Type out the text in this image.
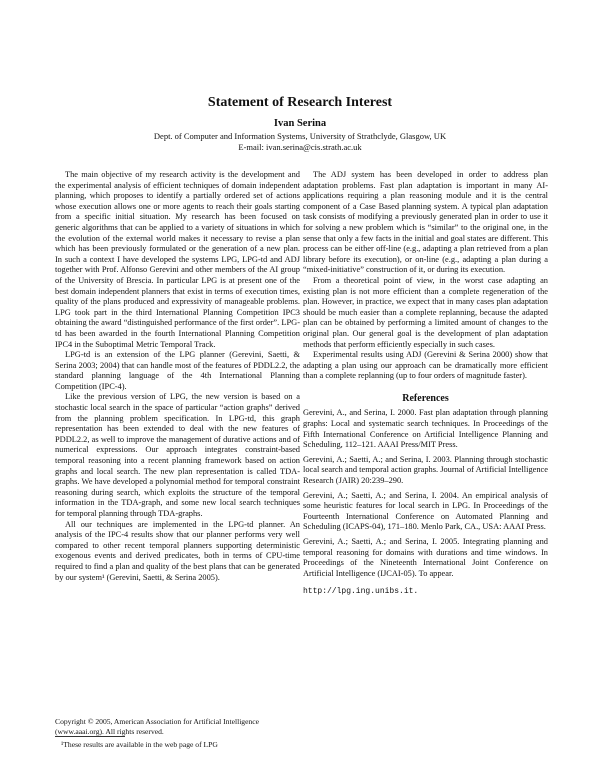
Statement of Research Interest
Ivan Serina
Dept. of Computer and Information Systems, University of Strathclyde, Glasgow, UK
E-mail: ivan.serina@cis.strath.ac.uk

The main objective of my research activity is the development and the experimental analysis of efficient techniques of domain independent planning, which proposes to identify a partially ordered set of actions whose execution allows one or more agents to reach their goals starting from a specific initial situation. My research has been focused on generic algorithms that can be applied to a variety of situations in which the evolution of the external world makes it necessary to revise a plan which has been previously formulated or the generation of a new plan. In such a context I have developed the systems LPG, LPG-td and ADJ together with Prof. Alfonso Gerevini and other members of the AI group of the University of Brescia. In particular LPG is at present one of the best domain independent planners that exist in terms of execution times, quality of the plans produced and expressivity of manageable problems. LPG took part in the third International Planning Competition IPC3 obtaining the award “distinguished performance of the first order”. LPG-td has been awarded in the fourth International Planning Competition IPC4 in the Suboptimal Metric Temporal Track.

LPG-td is an extension of the LPG planner (Gerevini, Saetti, & Serina 2003; 2004) that can handle most of the features of PDDL2.2, the standard planning language of the 4th International Planning Competition (IPC-4).

Like the previous version of LPG, the new version is based on a stochastic local search in the space of particular “action graphs” derived from the planning problem specification. In LPG-td, this graph representation has been extended to deal with the new features of PDDL2.2, as well to improve the management of durative actions and of numerical expressions. Our approach integrates constraint-based temporal reasoning into a recent planning framework based on action graphs and local search. The new plan representation is called TDA-graphs. We have developed a polynomial method for temporal constraint reasoning during search, which exploits the structure of the temporal information in the TDA-graph, and some new local search techniques for temporal planning through TDA-graphs.

All our techniques are implemented in the LPG-td planner. An analysis of the IPC-4 results show that our planner performs very well compared to other recent temporal planners supporting deterministic exogenous events and derived predicates, both in terms of CPU-time required to find a plan and quality of the best plans that can be generated by our system¹ (Gerevini, Saetti, & Serina 2005).

The ADJ system has been developed in order to address plan adaptation problems. Fast plan adaptation is important in many AI-applications requiring a plan reasoning module and it is the central component of a Case Based planning system. A typical plan adaptation task consists of modifying a previously generated plan in order to use it for solving a new problem which is “similar” to the original one, in the sense that only a few facts in the initial and goal states are different. This process can be either off-line (e.g., adapting a plan retrieved from a plan library before its execution), or on-line (e.g., adapting a plan during a “mixed-initiative” construction of it, or during its execution.

From a theoretical point of view, in the worst case adapting an existing plan is not more efficient than a complete regeneration of the plan. However, in practice, we expect that in many cases plan adaptation should be much easier than a complete replanning, because the adapted plan can be obtained by performing a limited amount of changes to the original plan. Our general goal is the development of plan adaptation methods that perform efficiently especially in such cases.

Experimental results using ADJ (Gerevini & Serina 2000) show that adapting a plan using our approach can be dramatically more efficient than a complete replanning (up to four orders of magnitude faster).

References

Gerevini, A., and Serina, I. 2000. Fast plan adaptation through planning graphs: Local and systematic search techniques. In Proceedings of the Fifth International Conference on Artificial Intelligence Planning and Scheduling, 112–121. AAAI Press/MIT Press.

Gerevini, A.; Saetti, A.; and Serina, I. 2003. Planning through stochastic local search and temporal action graphs. Journal of Artificial Intelligence Research (JAIR) 20:239–290.

Gerevini, A.; Saetti, A.; and Serina, I. 2004. An empirical analysis of some heuristic features for local search in LPG. In Proceedings of the Fourteenth International Conference on Automated Planning and Scheduling (ICAPS-04), 171–180. Menlo Park, CA., USA: AAAI Press.

Gerevini, A.; Saetti, A.; and Serina, I. 2005. Integrating planning and temporal reasoning for domains with durations and time windows. In Proceedings of the Nineteenth International Joint Conference on Artificial Intelligence (IJCAI-05). To appear.

http://lpg.ing.unibs.it.
Copyright © 2005, American Association for Artificial Intelligence (www.aaai.org). All rights reserved.
¹These results are available in the web page of LPG
